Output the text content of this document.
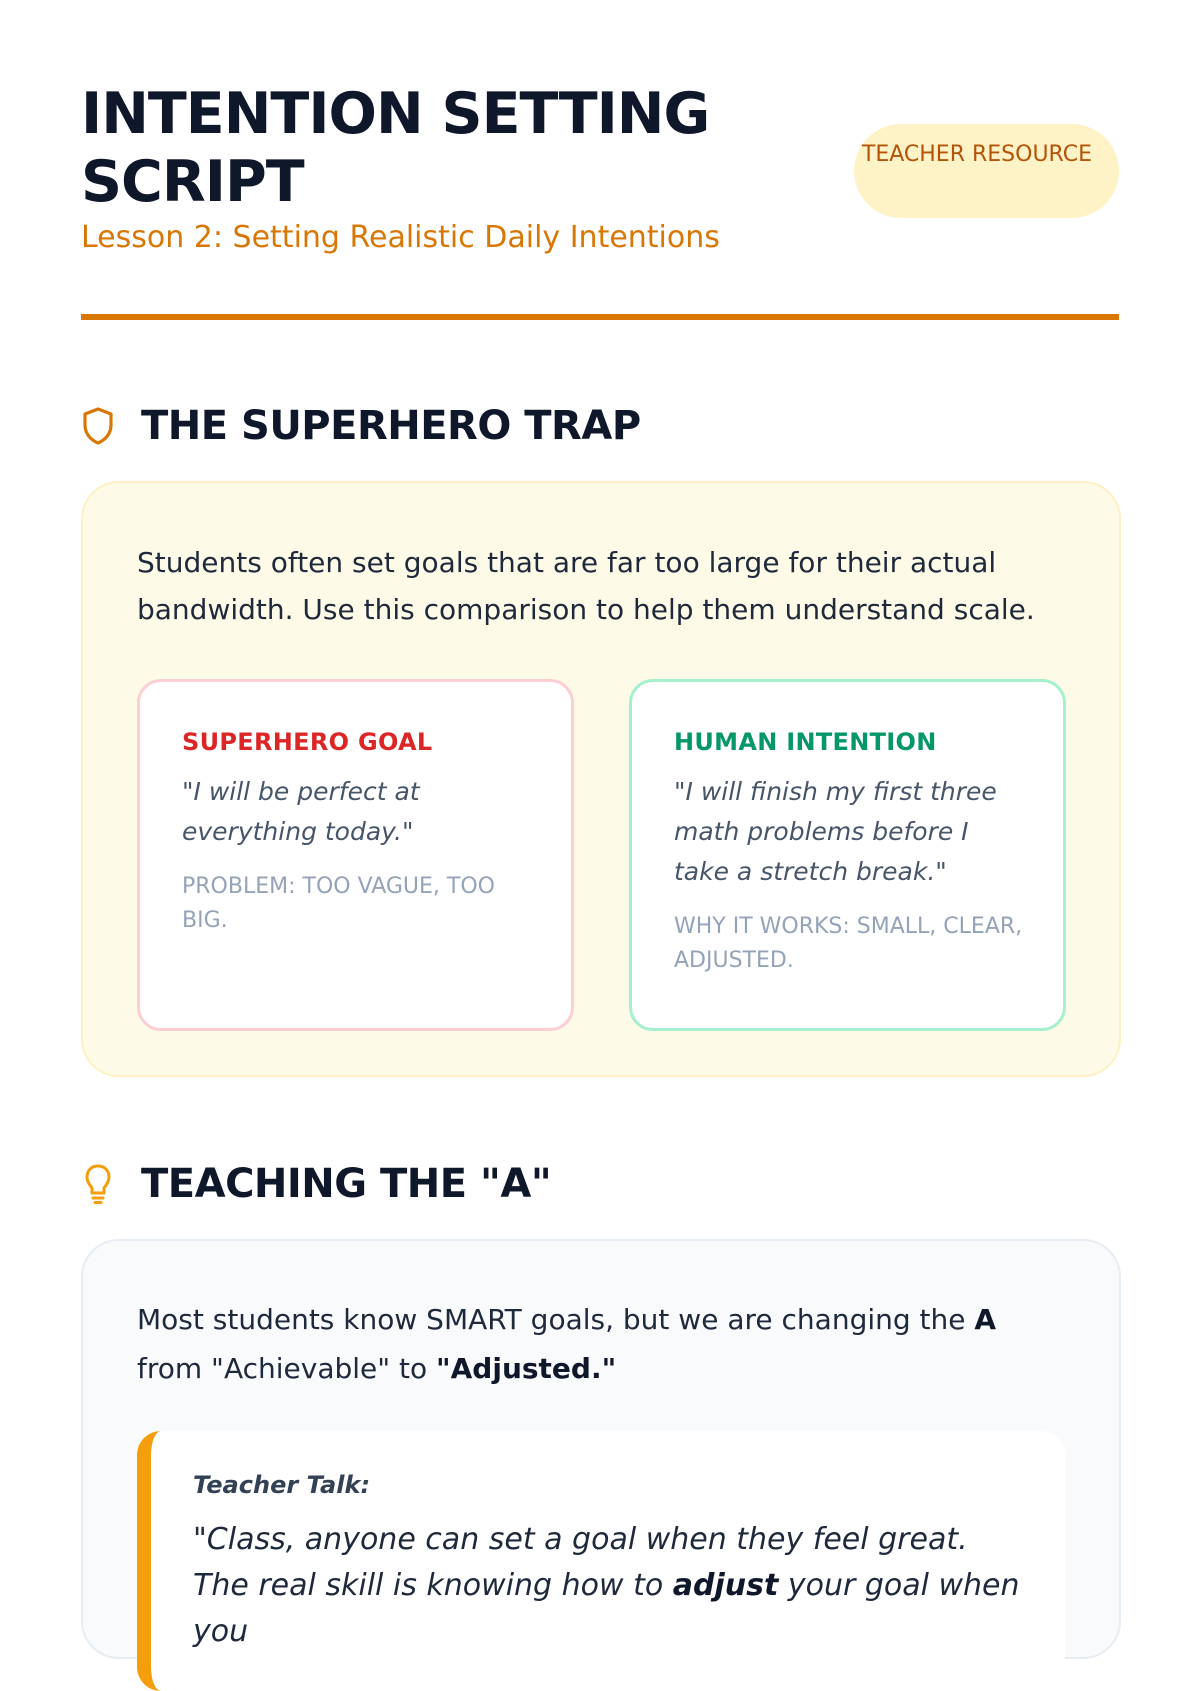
INTENTION SETTING SCRIPT
Lesson 2: Setting Realistic Daily Intentions
TEACHER RESOURCE
THE SUPERHERO TRAP

Students often set goals that are far too large for their actual bandwidth. Use this comparison to help them understand scale.

SUPERHERO GOAL
"I will be perfect at everything today."
PROBLEM: TOO VAGUE, TOO BIG.
HUMAN INTENTION
"I will finish my first three math problems before I take a stretch break."
WHY IT WORKS: SMALL, CLEAR, ADJUSTED.
TEACHING THE "A"

Most students know SMART goals, but we are changing the A from "Achievable" to "Adjusted."

Teacher Talk:

"Class, anyone can set a goal when they feel great. The real skill is knowing how to adjust your goal when you
